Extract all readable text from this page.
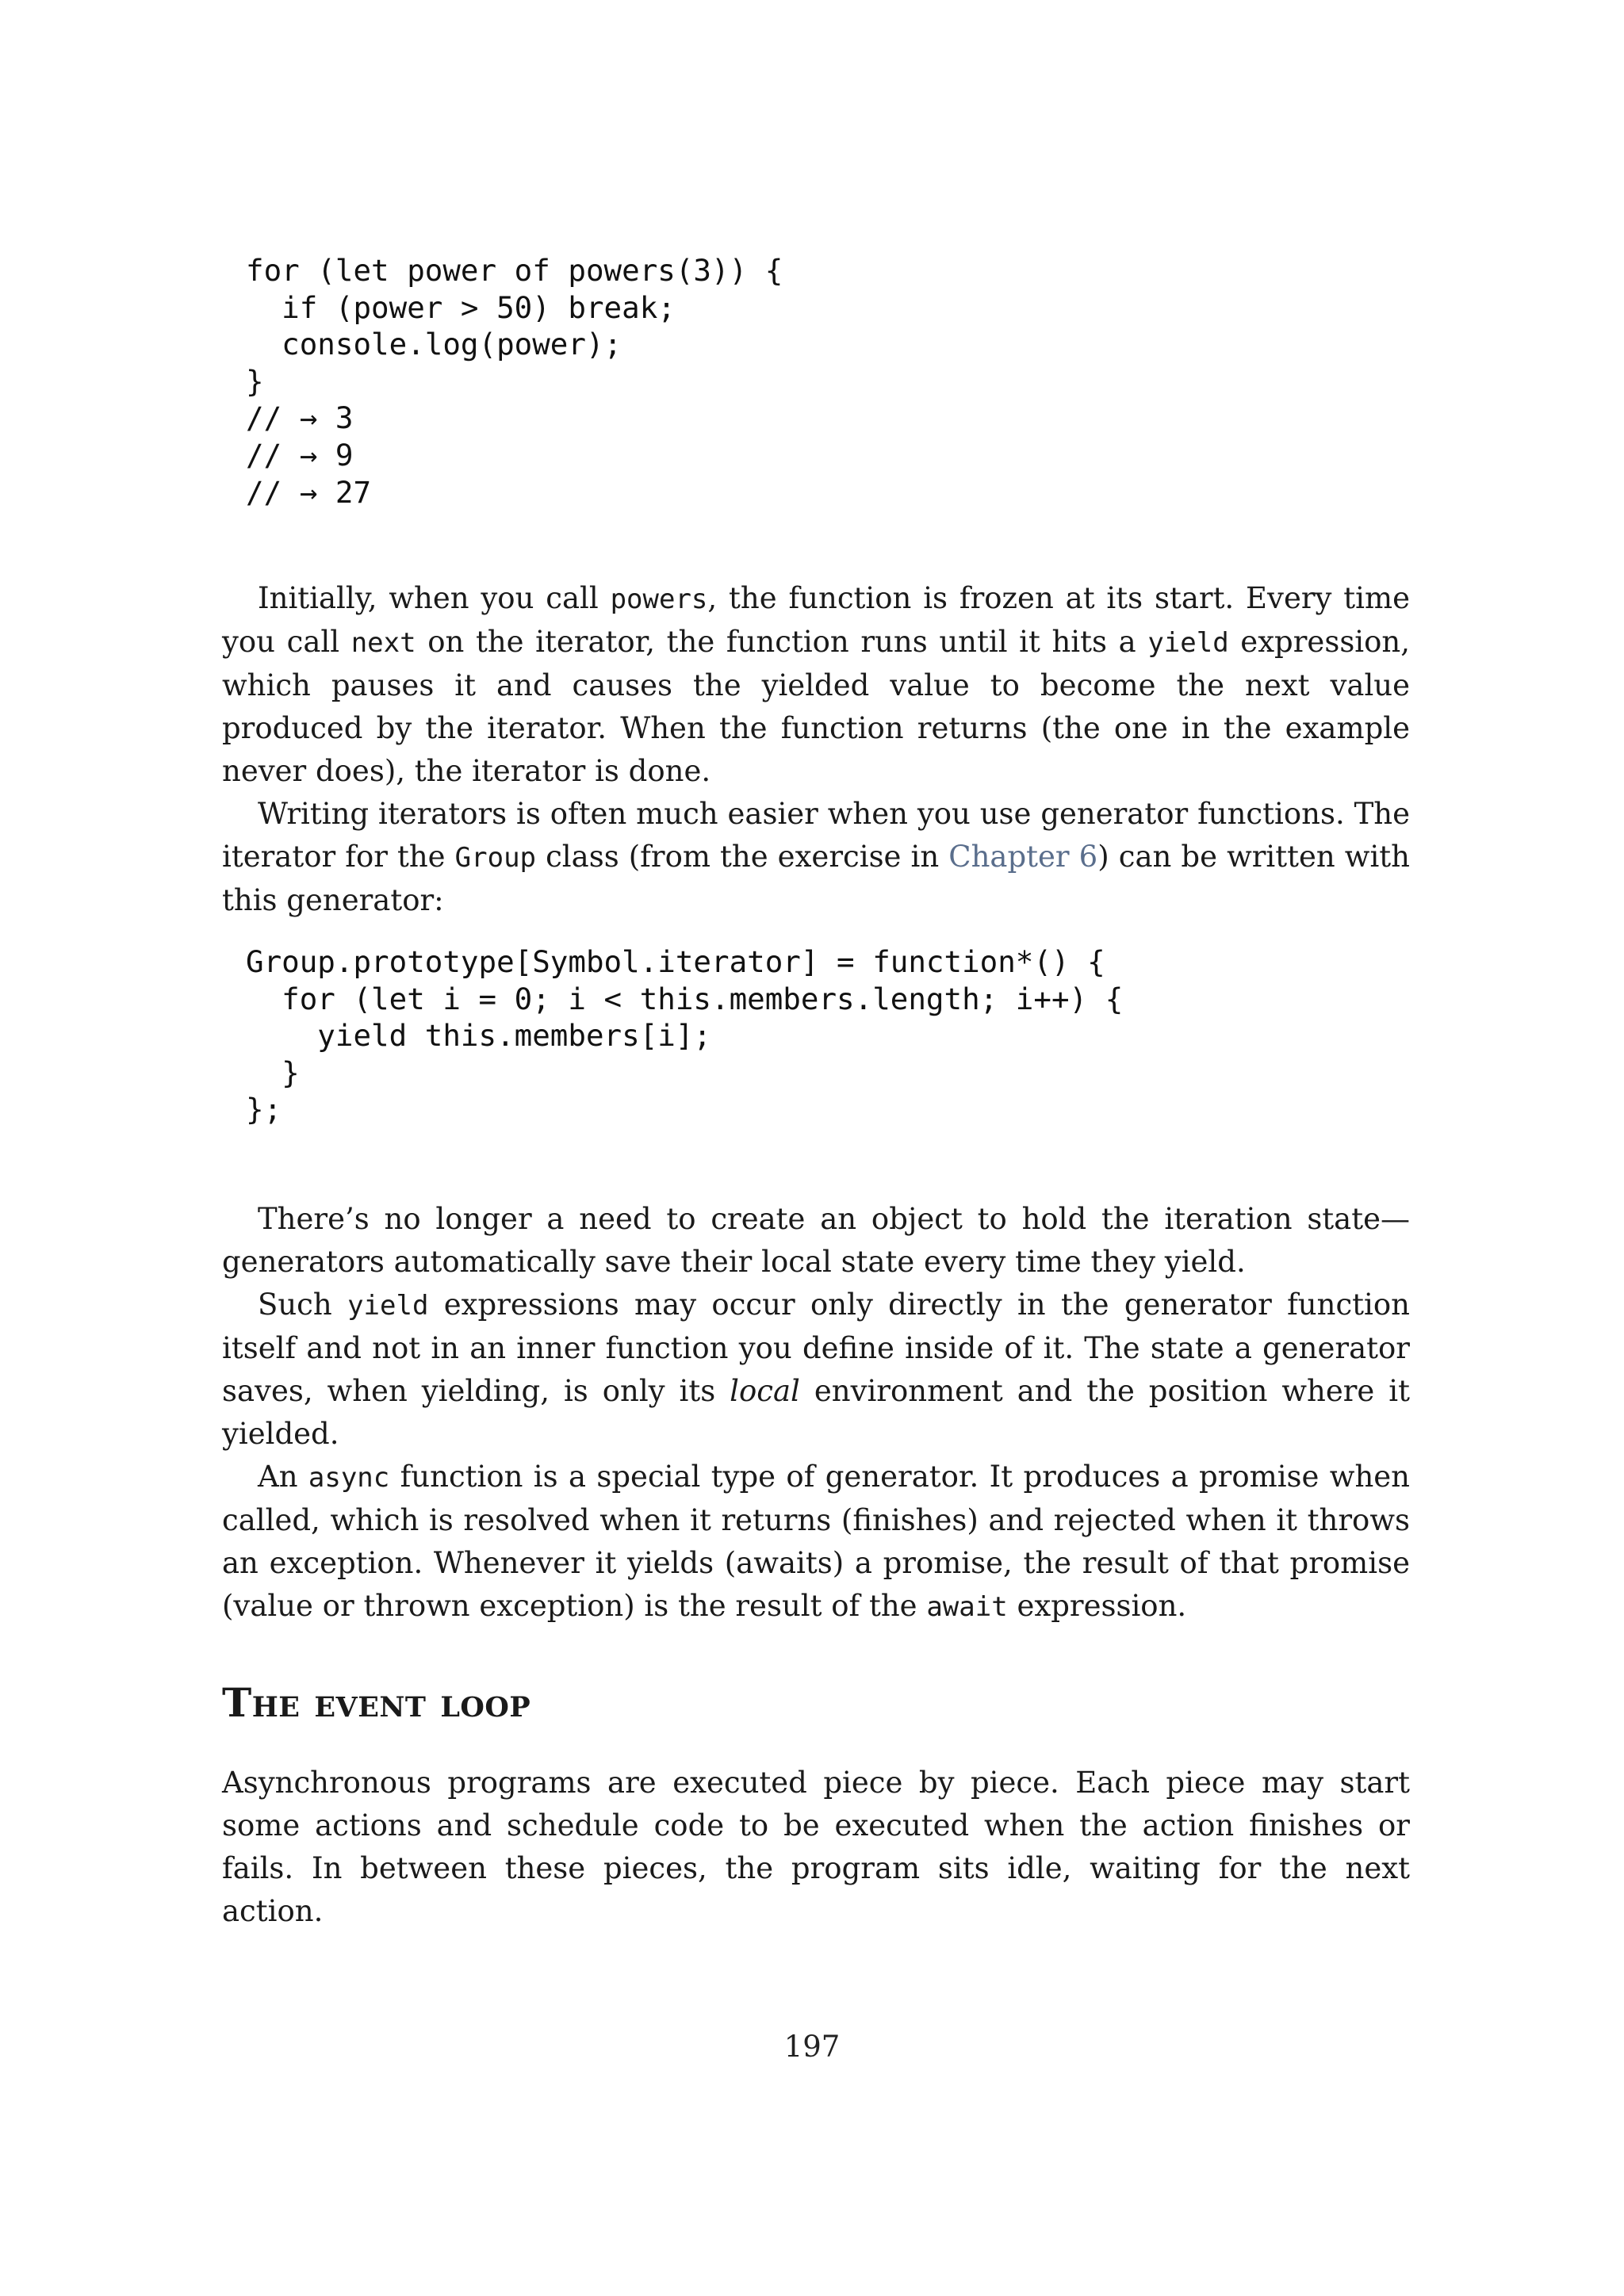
for (let power of powers(3)) {
if (power > 50) break;
console.log(power);
}
// → 3
// → 9
// → 27

Initially, when you call powers, the function is frozen at its start. Every time you call next on the iterator, the function runs until it hits a yield expression, which pauses it and causes the yielded value to become the next value produced by the iterator. When the function returns (the one in the example never does), the iterator is done.

Writing iterators is often much easier when you use generator functions. The iterator for the Group class (from the exercise in Chapter 6) can be written with this generator:

Group.prototype[Symbol.iterator] = function*() {
for (let i = 0; i < this.members.length; i++) {
yield this.members[i];
}
};

There’s no longer a need to create an object to hold the iteration state—generators automatically save their local state every time they yield.

Such yield expressions may occur only directly in the generator function itself and not in an inner function you define inside of it. The state a generator saves, when yielding, is only its local environment and the position where it yielded.

An async function is a special type of generator. It produces a promise when called, which is resolved when it returns (finishes) and rejected when it throws an exception. Whenever it yields (awaits) a promise, the result of that promise (value or thrown exception) is the result of the await expression.

The event loop

Asynchronous programs are executed piece by piece. Each piece may start some actions and schedule code to be executed when the action finishes or fails. In between these pieces, the program sits idle, waiting for the next action.

197
